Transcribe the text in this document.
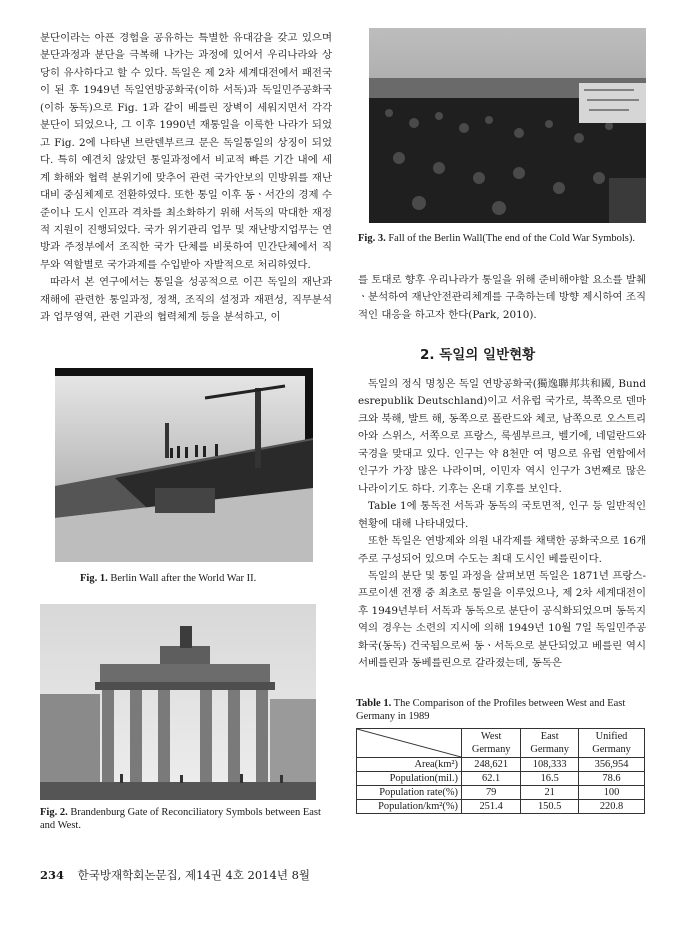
분단이라는 아픈 경험을 공유하는 특별한 유대감을 갖고 있으며 분단과정과 분단을 극복해 나가는 과정에 있어서 우리나라와 상당히 유사하다고 할 수 있다. 독일은 제 2차 세계대전에서 패전국이 된 후 1949년 독일연방공화국(이하 서독)과 독일민주공화국(이하 동독)으로 Fig. 1과 같이 베를린 장벽이 세워지면서 각각 분단이 되었으나, 그 이후 1990년 재통일을 이룩한 나라가 되었고 Fig. 2에 나타낸 브란덴부르크 문은 독일통일의 상징이 되었다. 특히 예견치 않았던 통일과정에서 비교적 빠른 기간 내에 세계 화해와 협력 분위기에 맞추어 관련 국가안보의 민방위를 재난대비 중심체제로 전환하였다. 또한 통일 이후 동ㆍ서간의 경제 수준이나 도시 인프라 격차를 최소화하기 위해 서독의 막대한 재정적 지원이 진행되었다. 국가 위기관리 업무 및 재난방지업무는 연방과 주정부에서 조직한 국가 단체를 비롯하여 민간단체에서 직무와 역할별로 국가과제를 수입받아 자발적으로 처리하였다.

따라서 본 연구에서는 통일을 성공적으로 이끈 독일의 재난과 재해에 관련한 통일과정, 정책, 조직의 설정과 재편성, 직무분석과 업무영역, 관련 기관의 협력체계 등을 분석하고, 이

Fig. 1. Berlin Wall after the World War II.

Fig. 2. Brandenburg Gate of Reconciliatory Symbols between East and West.

Fig. 3. Fall of the Berlin Wall(The end of the Cold War Symbols).

를 토대로 향후 우리나라가 통일을 위해 준비해야할 요소를 발췌ㆍ분석하여 재난안전관리체계를 구축하는데 방향 제시하여 조직적인 대응을 하고자 한다(Park, 2010).

2. 독일의 일반현황

독일의 정식 명칭은 독일 연방공화국(獨逸聯邦共和國, Bundesrepublik Deutschland)이고 서유럽 국가로, 북쪽으로 덴마크와 북해, 발트 해, 동쪽으로 폴란드와 체코, 남쪽으로 오스트리아와 스위스, 서쪽으로 프랑스, 룩셈부르크, 벨기에, 네덜란드와 국경을 맞대고 있다. 인구는 약 8천만 여 명으로 유럽 연합에서 인구가 가장 많은 나라이며, 이민자 역시 인구가 3번째로 많은 나라이기도 하다. 기후는 온대 기후를 보인다.

Table 1에 통독전 서독과 동독의 국토면적, 인구 등 일반적인 현황에 대해 나타내었다.

또한 독일은 연방제와 의원 내각제를 채택한 공화국으로 16개 주로 구성되어 있으며 수도는 최대 도시인 베를린이다.

독일의 분단 및 통일 과정을 살펴보면 독일은 1871년 프랑스-프로이센 전쟁 중 최초로 통일을 이루었으나, 제 2차 세계대전이후 1949년부터 서독과 동독으로 분단이 공식화되었으며 동독지역의 경우는 소련의 지시에 의해 1949년 10월 7일 독일민주공화국(동독) 건국됨으로써 동ㆍ서독으로 분단되었고 베를린 역시 서베를린과 동베를린으로 갈라졌는데, 동독은

Table 1. The Comparison of the Profiles between West and East Germany in 1989

	West Germany	East Germany	Unified Germany
Area(km²)	248,621	108,333	356,954
Population(mil.)	62.1	16.5	78.6
Population rate(%)	79	21	100
Population/km²(%)	251.4	150.5	220.8
234 한국방재학회논문집, 제14권 4호 2014년 8월
